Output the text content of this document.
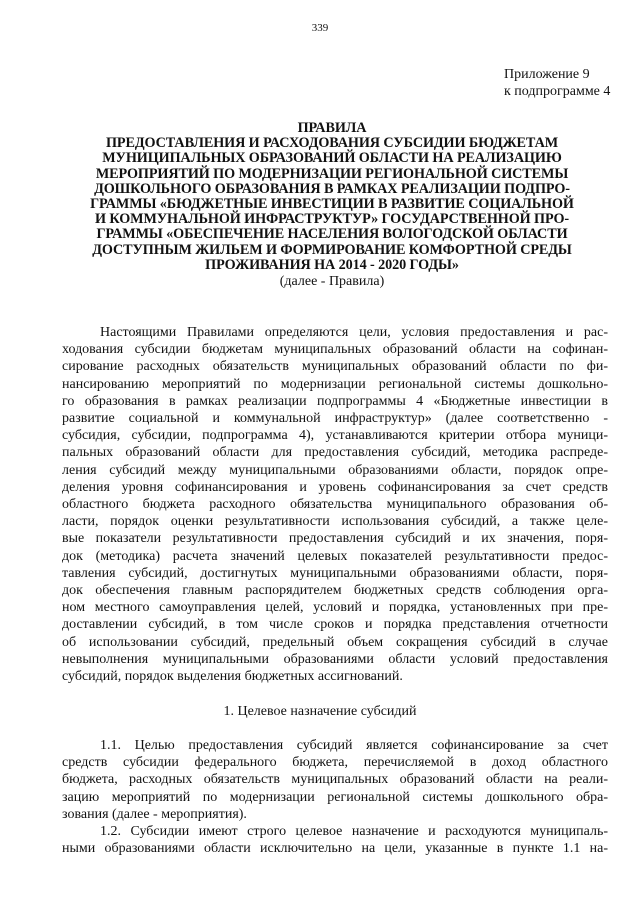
339
Приложение 9
к подпрограмме 4
ПРАВИЛА
ПРЕДОСТАВЛЕНИЯ И РАСХОДОВАНИЯ СУБСИДИИ БЮДЖЕТАМ
МУНИЦИПАЛЬНЫХ ОБРАЗОВАНИЙ ОБЛАСТИ НА РЕАЛИЗАЦИЮ
МЕРОПРИЯТИЙ ПО МОДЕРНИЗАЦИИ РЕГИОНАЛЬНОЙ СИСТЕМЫ
ДОШКОЛЬНОГО ОБРАЗОВАНИЯ В РАМКАХ РЕАЛИЗАЦИИ ПОДПРО-
ГРАММЫ «БЮДЖЕТНЫЕ ИНВЕСТИЦИИ В РАЗВИТИЕ СОЦИАЛЬНОЙ
И КОММУНАЛЬНОЙ ИНФРАСТРУКТУР» ГОСУДАРСТВЕННОЙ ПРО-
ГРАММЫ «ОБЕСПЕЧЕНИЕ НАСЕЛЕНИЯ ВОЛОГОДСКОЙ ОБЛАСТИ
ДОСТУПНЫМ ЖИЛЬЕМ И ФОРМИРОВАНИЕ КОМФОРТНОЙ СРЕДЫ
ПРОЖИВАНИЯ НА 2014 - 2020 ГОДЫ»
(далее - Правила)
Настоящими Правилами определяются цели, условия предоставления и рас-
ходования субсидии бюджетам муниципальных образований области на софинан-
сирование расходных обязательств муниципальных образований области по фи-
нансированию мероприятий по модернизации региональной системы дошкольно-
го образования в рамках реализации подпрограммы 4 «Бюджетные инвестиции в
развитие социальной и коммунальной инфраструктур» (далее соответственно -
субсидия, субсидии, подпрограмма 4), устанавливаются критерии отбора муници-
пальных образований области для предоставления субсидий, методика распреде-
ления субсидий между муниципальными образованиями области, порядок опре-
деления уровня софинансирования и уровень софинансирования за счет средств
областного бюджета расходного обязательства муниципального образования об-
ласти, порядок оценки результативности использования субсидий, а также целе-
вые показатели результативности предоставления субсидий и их значения, поря-
док (методика) расчета значений целевых показателей результативности предос-
тавления субсидий, достигнутых муниципальными образованиями области, поря-
док обеспечения главным распорядителем бюджетных средств соблюдения орга-
ном местного самоуправления целей, условий и порядка, установленных при пре-
доставлении субсидий, в том числе сроков и порядка представления отчетности
об использовании субсидий, предельный объем сокращения субсидий в случае
невыполнения муниципальными образованиями области условий предоставления
субсидий, порядок выделения бюджетных ассигнований.
1. Целевое назначение субсидий
1.1. Целью предоставления субсидий является софинансирование за счет
средств субсидии федерального бюджета, перечисляемой в доход областного
бюджета, расходных обязательств муниципальных образований области на реали-
зацию мероприятий по модернизации региональной системы дошкольного обра-
зования (далее - мероприятия).
1.2. Субсидии имеют строго целевое назначение и расходуются муниципаль-
ными образованиями области исключительно на цели, указанные в пункте 1.1 на-
